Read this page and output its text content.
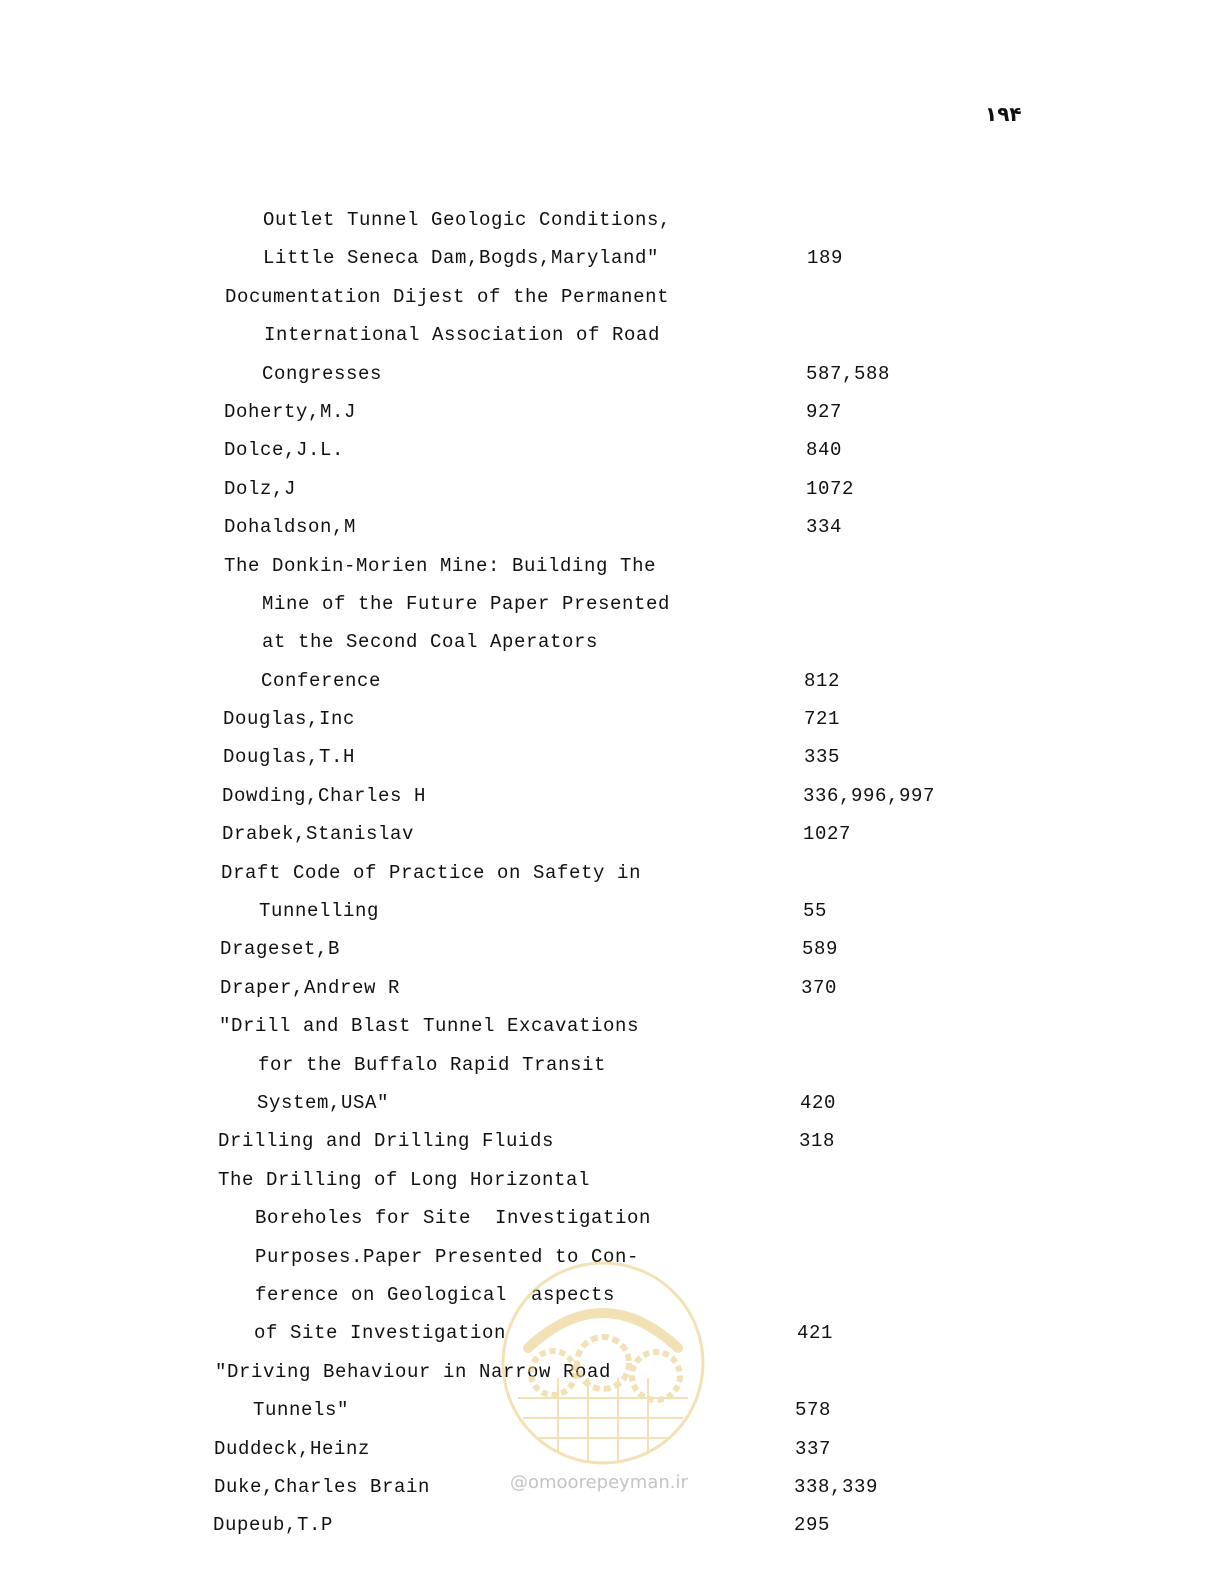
۱۹۴
Outlet Tunnel Geologic Conditions,
Little Seneca Dam,Bogds,Maryland"	189
Documentation Dijest of the Permanent
International Association of Road
Congresses	587,588
Doherty,M.J	927
Dolce,J.L.	840
Dolz,J	1072
Dohaldson,M	334
The Donkin-Morien Mine: Building The
Mine of the Future Paper Presented
at the Second Coal Aperators
Conference	812
Douglas,Inc	721
Douglas,T.H	335
Dowding,Charles H	336,996,997
Drabek,Stanislav	1027
Draft Code of Practice on Safety in
Tunnelling	55
Drageset,B	589
Draper,Andrew R	370
"Drill and Blast Tunnel Excavations
for the Buffalo Rapid Transit
System,USA"	420
Drilling and Drilling Fluids	318
The Drilling of Long Horizontal
Boreholes for Site  Investigation
Purposes.Paper Presented to Con-
ference on Geological  aspects
of Site Investigation	421
"Driving Behaviour in Narrow Road
Tunnels"	578
Duddeck,Heinz	337
Duke,Charles Brain	338,339
Dupeub,T.P	295
@omoorepeyman.ir
